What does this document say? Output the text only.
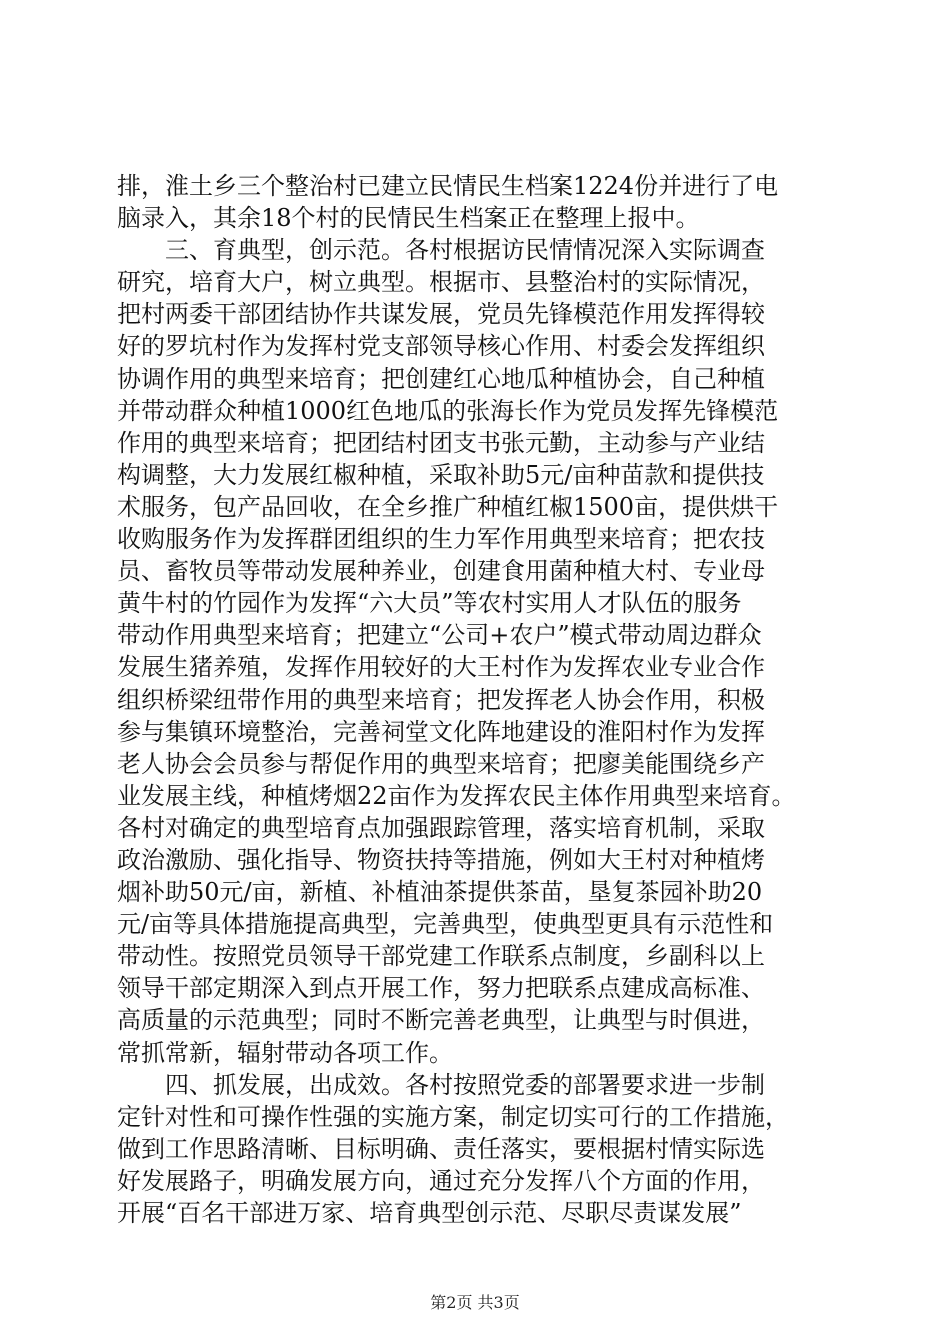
排，淮土乡三个整治村已建立民情民生档案1224份并进行了电
脑录入，其余18个村的民情民生档案正在整理上报中。
　　三、育典型，创示范。各村根据访民情情况深入实际调查
研究，培育大户，树立典型。根据市、县整治村的实际情况，
把村两委干部团结协作共谋发展，党员先锋模范作用发挥得较
好的罗坑村作为发挥村党支部领导核心作用、村委会发挥组织
协调作用的典型来培育；把创建红心地瓜种植协会，自己种植
并带动群众种植1000红色地瓜的张海长作为党员发挥先锋模范
作用的典型来培育；把团结村团支书张元勤，主动参与产业结
构调整，大力发展红椒种植，采取补助5元/亩种苗款和提供技
术服务，包产品回收，在全乡推广种植红椒1500亩，提供烘干
收购服务作为发挥群团组织的生力军作用典型来培育；把农技
员、畜牧员等带动发展种养业，创建食用菌种植大村、专业母
黄牛村的竹园作为发挥“六大员”等农村实用人才队伍的服务
带动作用典型来培育；把建立“公司+农户”模式带动周边群众
发展生猪养殖，发挥作用较好的大王村作为发挥农业专业合作
组织桥梁纽带作用的典型来培育；把发挥老人协会作用，积极
参与集镇环境整治，完善祠堂文化阵地建设的淮阳村作为发挥
老人协会会员参与帮促作用的典型来培育；把廖美能围绕乡产
业发展主线，种植烤烟22亩作为发挥农民主体作用典型来培育。
各村对确定的典型培育点加强跟踪管理，落实培育机制，采取
政治激励、强化指导、物资扶持等措施，例如大王村对种植烤
烟补助50元/亩，新植、补植油茶提供茶苗，垦复茶园补助20
元/亩等具体措施提高典型，完善典型，使典型更具有示范性和
带动性。按照党员领导干部党建工作联系点制度，乡副科以上
领导干部定期深入到点开展工作，努力把联系点建成高标准、
高质量的示范典型；同时不断完善老典型，让典型与时俱进，
常抓常新，辐射带动各项工作。
　　四、抓发展，出成效。各村按照党委的部署要求进一步制
定针对性和可操作性强的实施方案，制定切实可行的工作措施，
做到工作思路清晰、目标明确、责任落实，要根据村情实际选
好发展路子，明确发展方向，通过充分发挥八个方面的作用，
开展“百名干部进万家、培育典型创示范、尽职尽责谋发展”
第2页 共3页
